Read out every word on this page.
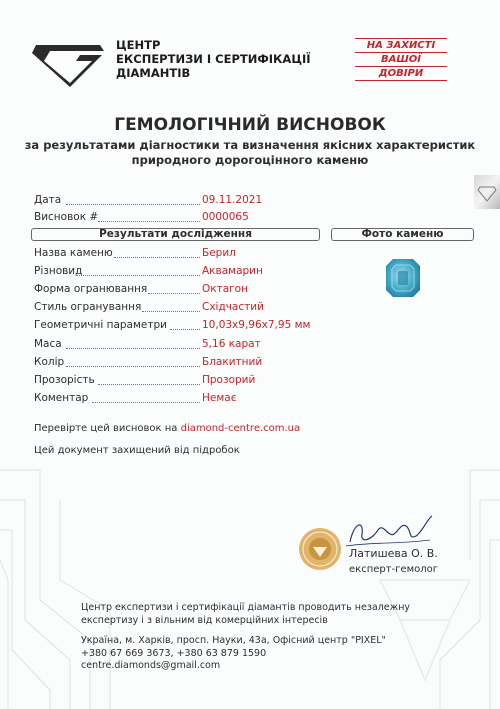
ЦЕНТР
ЕКСПЕРТИЗИ І СЕРТИФІКАЦІЇ
ДІАМАНТІВ
НА ЗАХИСТІ
ВАШОЇ
ДОВІРИ
ГЕМОЛОГІЧНИЙ ВИСНОВОК
за результатами діагностики та визначення якісних характеристик
природного дорогоцінного каменю
Дата	09.11.2021
Висновок #	0000065
Результати дослідження	Фото каменю
Назва каменю	Берил
Різновид	Аквамарин
Форма огранювання	Октагон
Стиль огранування	Східчастий
Геометричні параметри	10,03x9,96x7,95 мм
Маса	5,16 карат
Колір	Блакитний
Прозорість	Прозорий
Коментар	Немає
Перевірте цей висновок на diamond-centre.com.ua
Цей документ захищений від підробок
Латишева О. В.
експерт-гемолог
Центр експертизи і сертифікації діамантів проводить незалежну
експертизу і з вільним від комерційних інтересів
Україна, м. Харків, просп. Науки, 43а, Офісний центр "PIXEL"
+380 67 669 3673, +380 63 879 1590
centre.diamonds@gmail.com
